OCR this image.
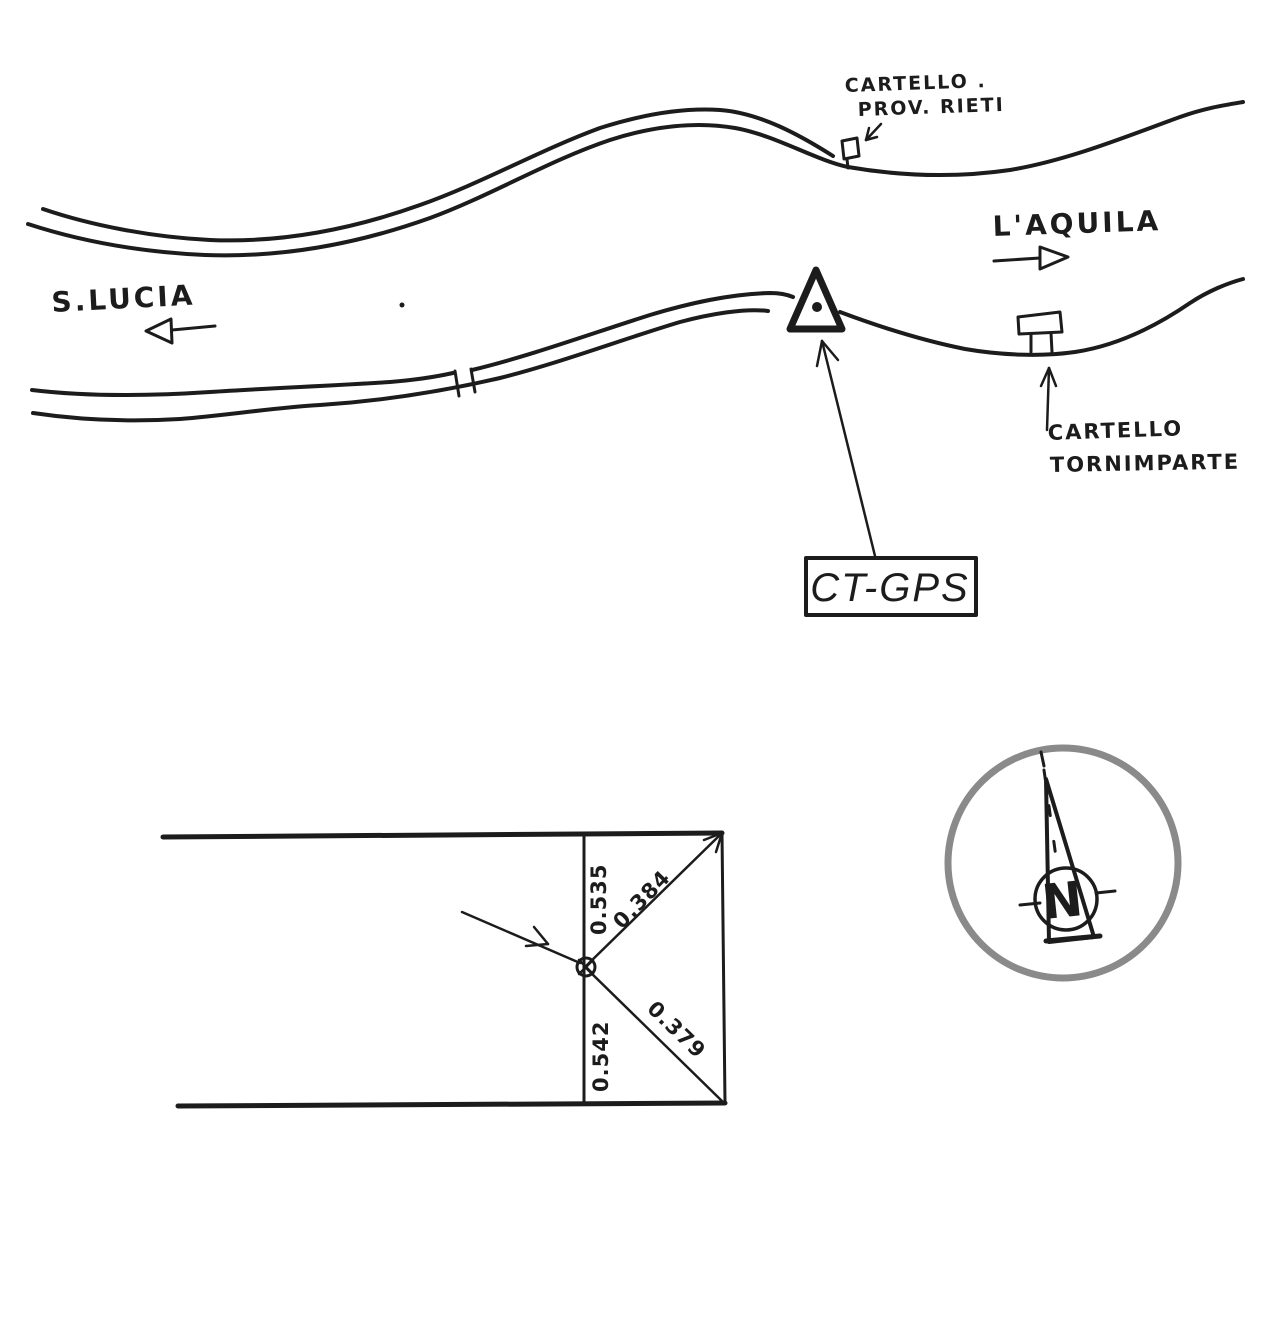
S.LUCIA
L'AQUILA
CARTELLO .
PROV. RIETI
CARTELLO
TORNIMPARTE
CT-GPS
0.535
0.384
0.542 0.379
N
